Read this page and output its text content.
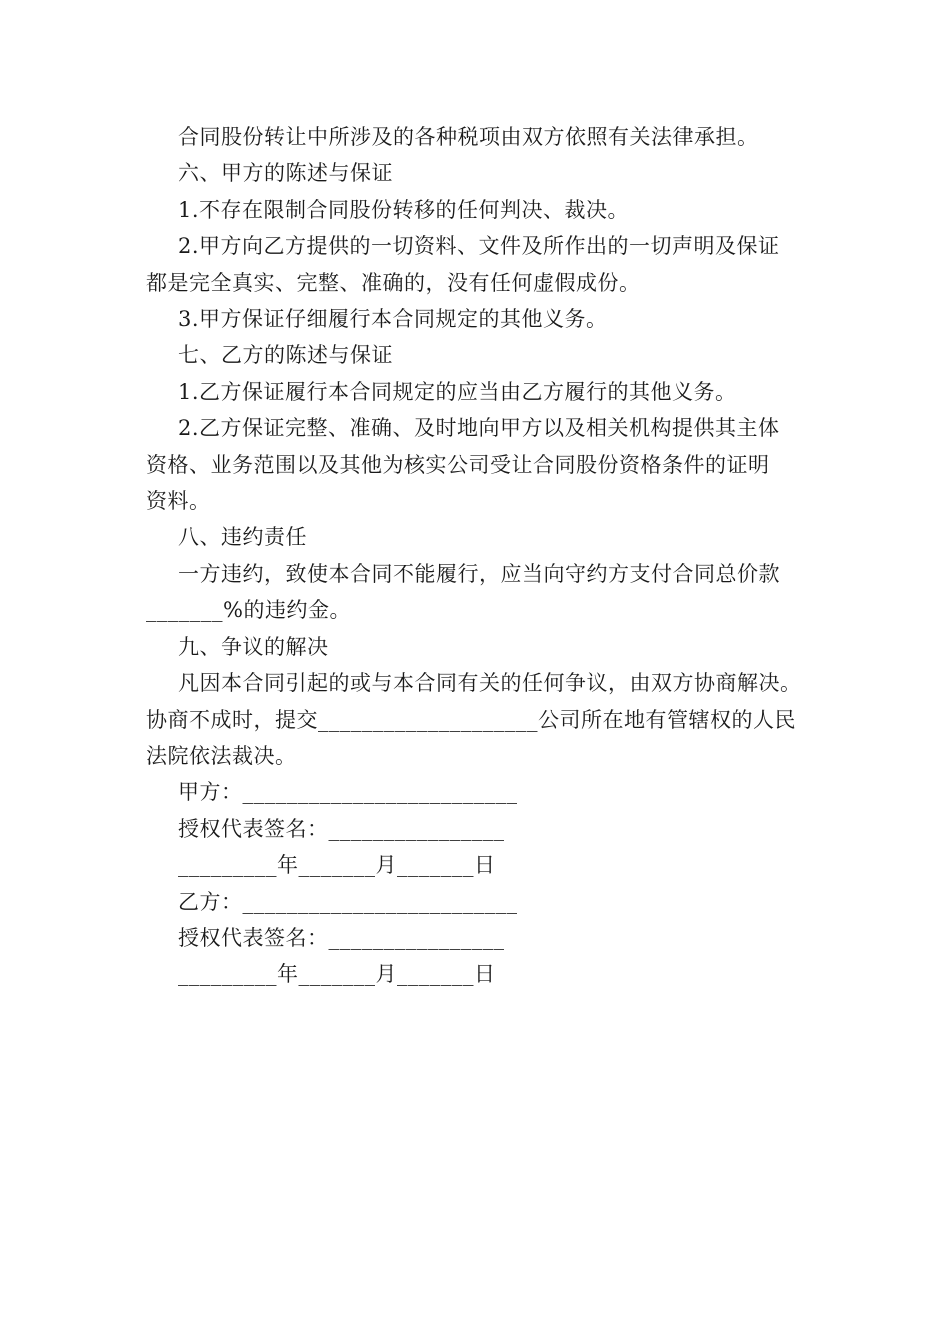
合同股份转让中所涉及的各种税项由双方依照有关法律承担。

六、甲方的陈述与保证

1.不存在限制合同股份转移的任何判决、裁决。

2.甲方向乙方提供的一切资料、文件及所作出的一切声明及保证

都是完全真实、完整、准确的，没有任何虚假成份。

3.甲方保证仔细履行本合同规定的其他义务。

七、乙方的陈述与保证

1.乙方保证履行本合同规定的应当由乙方履行的其他义务。

2.乙方保证完整、准确、及时地向甲方以及相关机构提供其主体

资格、业务范围以及其他为核实公司受让合同股份资格条件的证明

资料。

八、违约责任

一方违约，致使本合同不能履行，应当向守约方支付合同总价款

_______%的违约金。

九、争议的解决

凡因本合同引起的或与本合同有关的任何争议，由双方协商解决。

协商不成时，提交____________________公司所在地有管辖权的人民

法院依法裁决。

甲方：_________________________

授权代表签名：________________

_________年_______月_______日

乙方：_________________________

授权代表签名：________________

_________年_______月_______日
